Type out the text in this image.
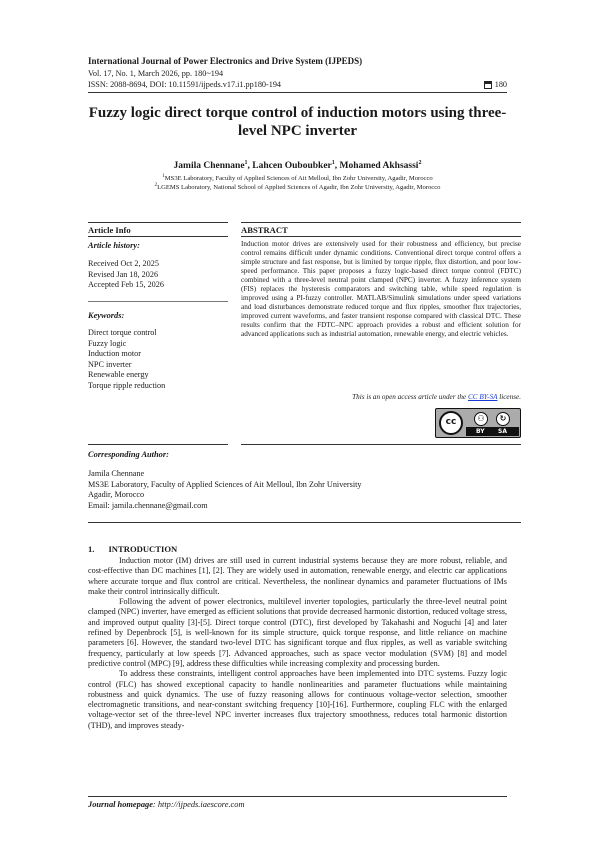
International Journal of Power Electronics and Drive System (IJPEDS)
Vol. 17, No. 1, March 2026, pp. 180~194
ISSN: 2088-8694, DOI: 10.11591/ijpeds.v17.i1.pp180-194	180
Fuzzy logic direct torque control of induction motors using three-level NPC inverter
Jamila Chennane$^1$, Lahcen Ouboubker$^1$, Mohamed Akhsassi$^2$
$^1$MS3E Laboratory, Faculty of Applied Sciences of Ait Melloul, Ibn Zohr University, Agadir, Morocco
$^2$LGEMS Laboratory, National School of Applied Sciences of Agadir, Ibn Zohr University, Agadir, Morocco
Article Info	ABSTRACT
Article history:
Received Oct 2, 2025
Revised Jan 18, 2026
Accepted Feb 15, 2026
Keywords:
Direct torque control
Fuzzy logic
Induction motor
NPC inverter
Renewable energy
Torque ripple reduction
Induction motor drives are extensively used for their robustness and efficiency, but precise control remains difficult under dynamic conditions. Conventional direct torque control offers a simple structure and fast response, but is limited by torque ripple, flux distortion, and poor low-speed performance. This paper proposes a fuzzy logic-based direct torque control (FDTC) combined with a three-level neutral point clamped (NPC) inverter. A fuzzy inference system (FIS) replaces the hysteresis comparators and switching table, while speed regulation is improved using a PI-fuzzy controller. MATLAB/Simulink simulations under speed variations and load disturbances demonstrate reduced torque and flux ripples, smoother flux trajectories, improved current waveforms, and faster transient response compared with classical DTC. These results confirm that the FDTC–NPC approach provides a robust and efficient solution for advanced applications such as industrial automation, renewable energy, and electric vehicles.
This is an open access article under the CC BY-SA license.
cc	⚇	↻
BY SA
Corresponding Author:
Jamila Chennane
MS3E Laboratory, Faculty of Applied Sciences of Ait Melloul, Ibn Zohr University
Agadir, Morocco
Email: jamila.chennane@gmail.com
1. INTRODUCTION

Induction motor (IM) drives are still used in current industrial systems because they are more robust, reliable, and cost-effective than DC machines [1], [2]. They are widely used in automation, renewable energy, and electric car applications where accurate torque and flux control are critical. Nevertheless, the nonlinear dynamics and parameter fluctuations of IMs make their control intrinsically difficult.

Following the advent of power electronics, multilevel inverter topologies, particularly the three-level neutral point clamped (NPC) inverter, have emerged as efficient solutions that provide decreased harmonic distortion, reduced voltage stress, and improved output quality [3]-[5]. Direct torque control (DTC), first developed by Takahashi and Noguchi [4] and later refined by Depenbrock [5], is well-known for its simple structure, quick torque response, and little reliance on machine parameters [6]. However, the standard two-level DTC has significant torque and flux ripples, as well as variable switching frequency, particularly at low speeds [7]. Advanced approaches, such as space vector modulation (SVM) [8] and model predictive control (MPC) [9], address these difficulties while increasing complexity and processing burden.

To address these constraints, intelligent control approaches have been implemented into DTC systems. Fuzzy logic control (FLC) has showed exceptional capacity to handle nonlinearities and parameter fluctuations while maintaining robustness and quick dynamics. The use of fuzzy reasoning allows for continuous voltage-vector selection, smoother electromagnetic transitions, and near-constant switching frequency [10]-[16]. Furthermore, coupling FLC with the enlarged voltage-vector set of the three-level NPC inverter increases flux trajectory smoothness, reduces total harmonic distortion (THD), and improves steady-

Journal homepage: http://ijpeds.iaescore.com
